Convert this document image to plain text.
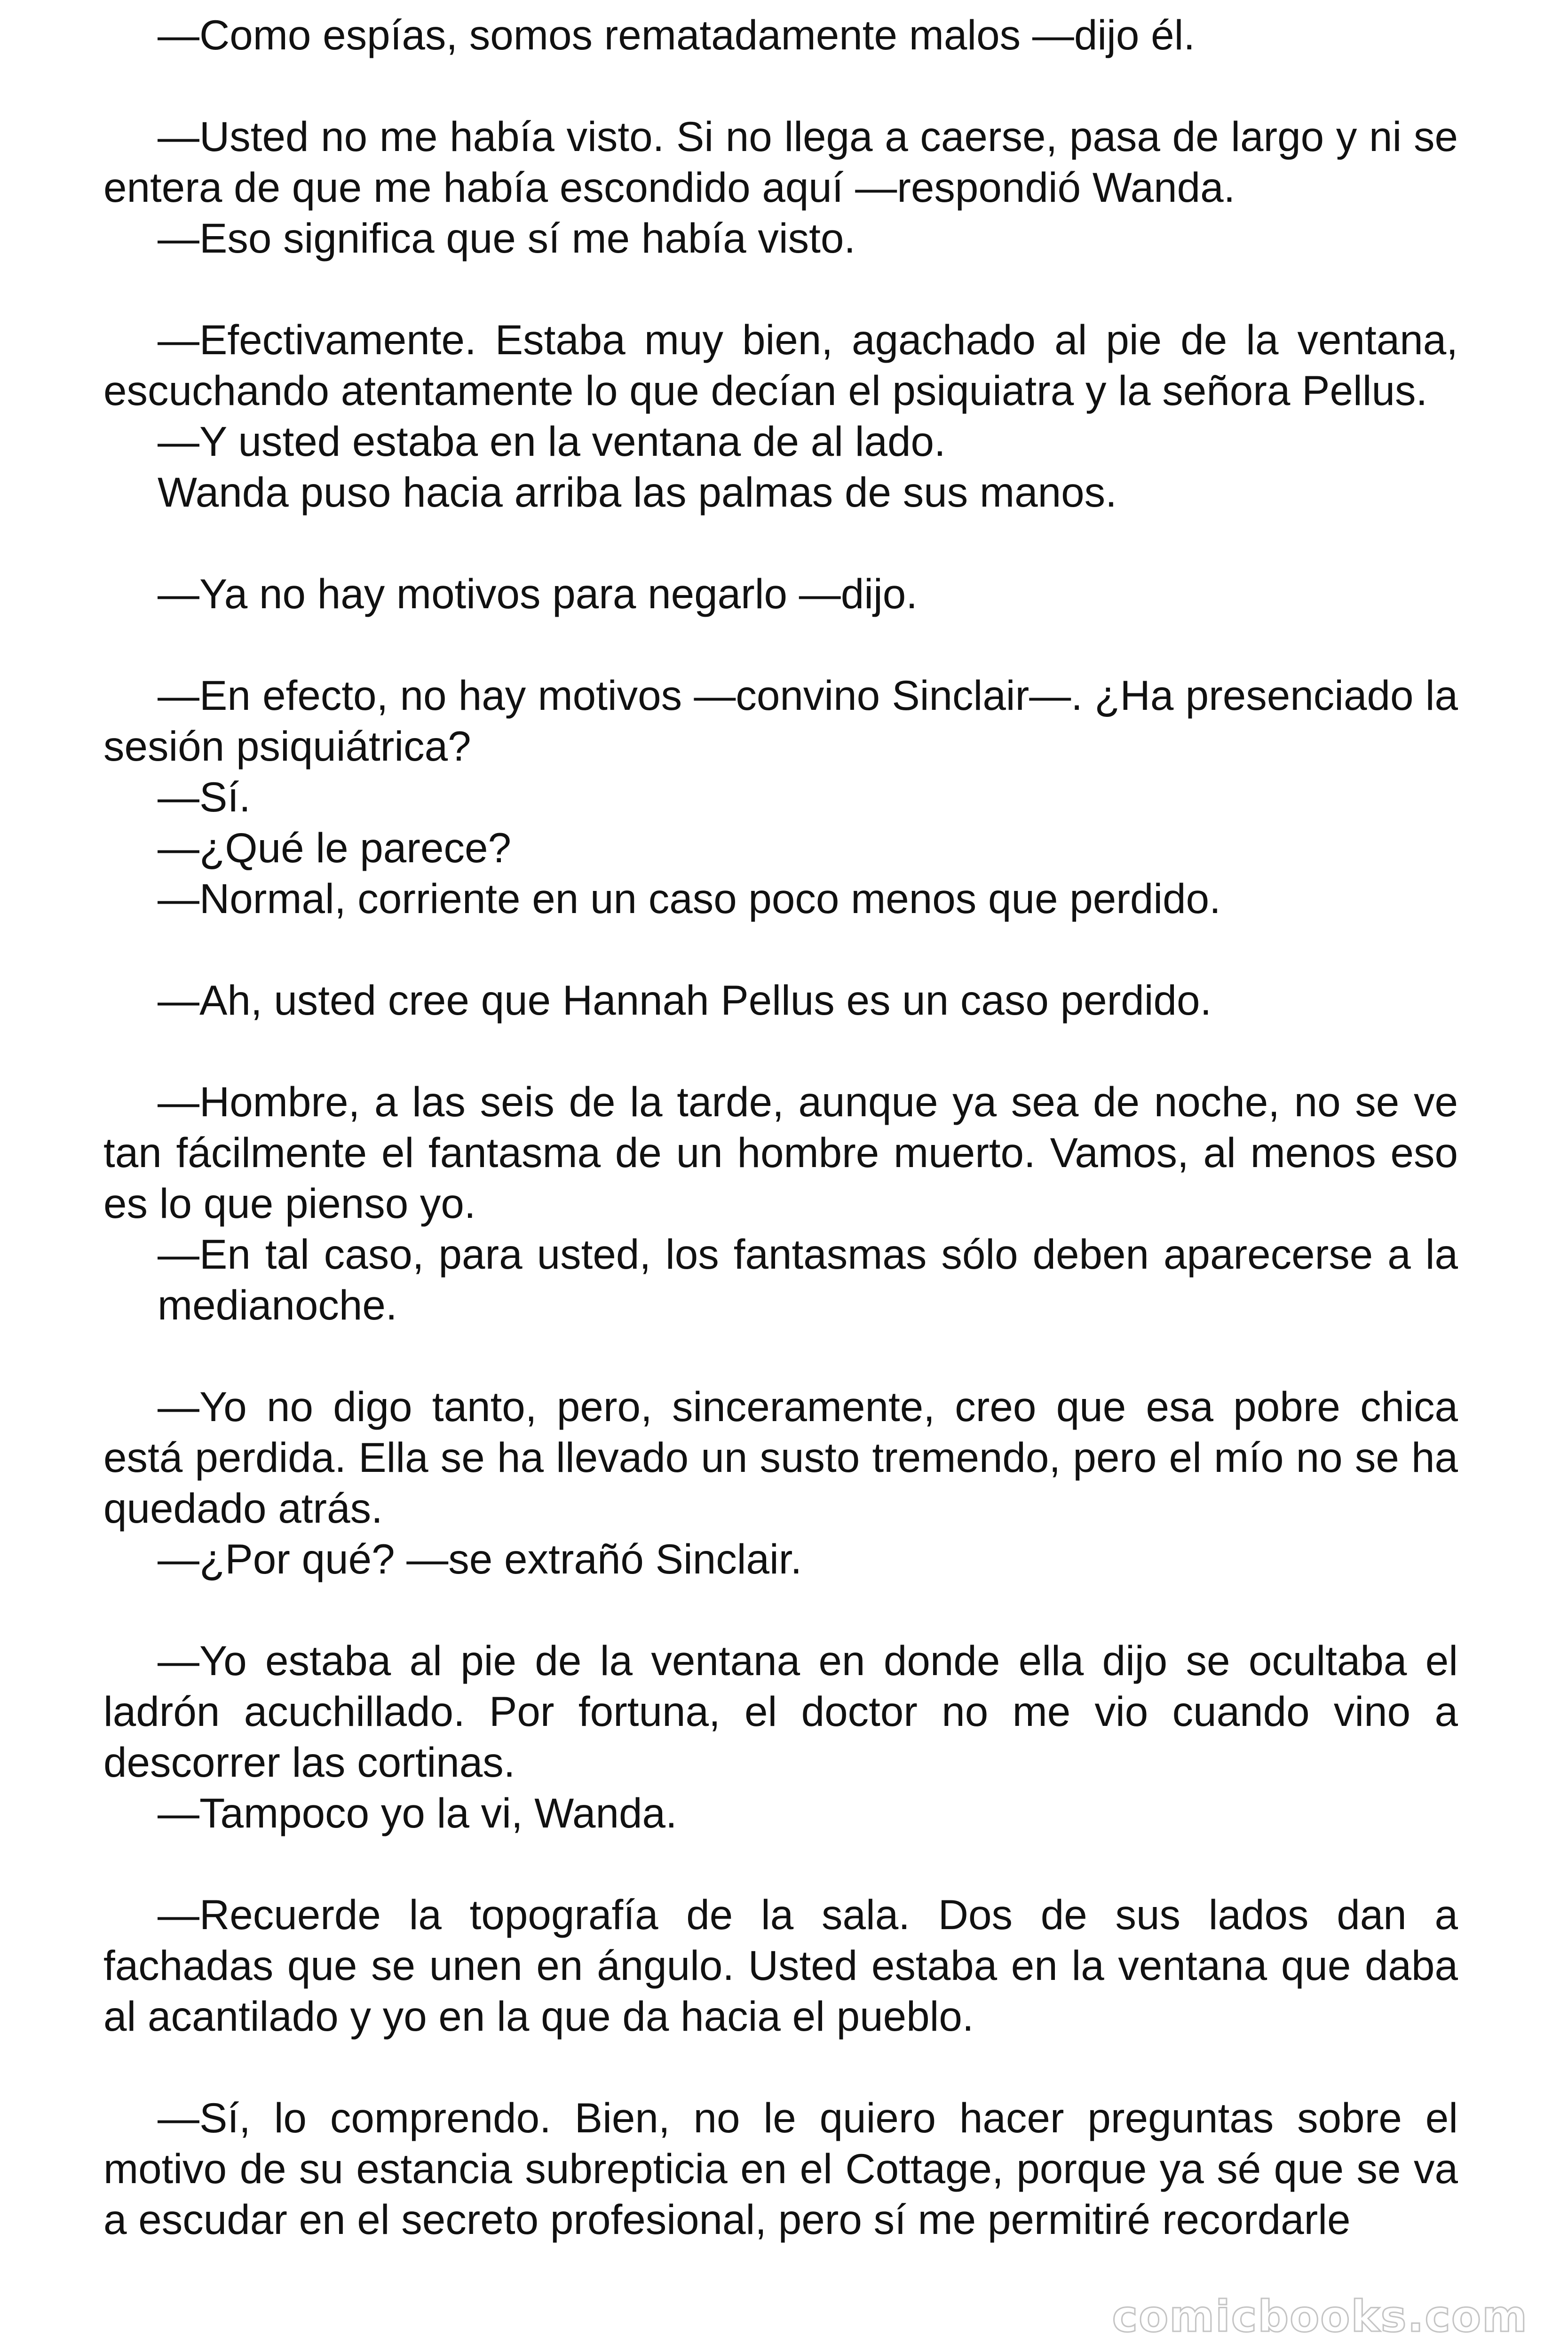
—Como espías, somos rematadamente malos —dijo él.

—Usted no me había visto. Si no llega a caerse, pasa de largo y ni se entera de que me había escondido aquí —respondió Wanda.

—Eso significa que sí me había visto.

—Efectivamente. Estaba muy bien, agachado al pie de la ventana, escuchando atentamente lo que decían el psiquiatra y la señora Pellus.

—Y usted estaba en la ventana de al lado.

Wanda puso hacia arriba las palmas de sus manos.

—Ya no hay motivos para negarlo —dijo.

—En efecto, no hay motivos —convino Sinclair—. ¿Ha presenciado la sesión psiquiátrica?

—Sí.

—¿Qué le parece?

—Normal, corriente en un caso poco menos que perdido.

—Ah, usted cree que Hannah Pellus es un caso perdido.

—Hombre, a las seis de la tarde, aunque ya sea de noche, no se ve tan fácilmente el fantasma de un hombre muerto. Vamos, al menos eso es lo que pienso yo.

—En tal caso, para usted, los fantasmas sólo deben aparecerse a la medianoche.

—Yo no digo tanto, pero, sinceramente, creo que esa pobre chica está perdida. Ella se ha llevado un susto tremendo, pero el mío no se ha quedado atrás.

—¿Por qué? —se extrañó Sinclair.

—Yo estaba al pie de la ventana en donde ella dijo se ocultaba el ladrón acuchillado. Por fortuna, el doctor no me vio cuando vino a descorrer las cortinas.

—Tampoco yo la vi, Wanda.

—Recuerde la topografía de la sala. Dos de sus lados dan a fachadas que se unen en ángulo. Usted estaba en la ventana que daba al acantilado y yo en la que da hacia el pueblo.

—Sí, lo comprendo. Bien, no le quiero hacer preguntas sobre el motivo de su estancia subrepticia en el Cottage, porque ya sé que se va a escudar en el secreto profesional, pero sí me permitiré recordarle

comicbooks.com
